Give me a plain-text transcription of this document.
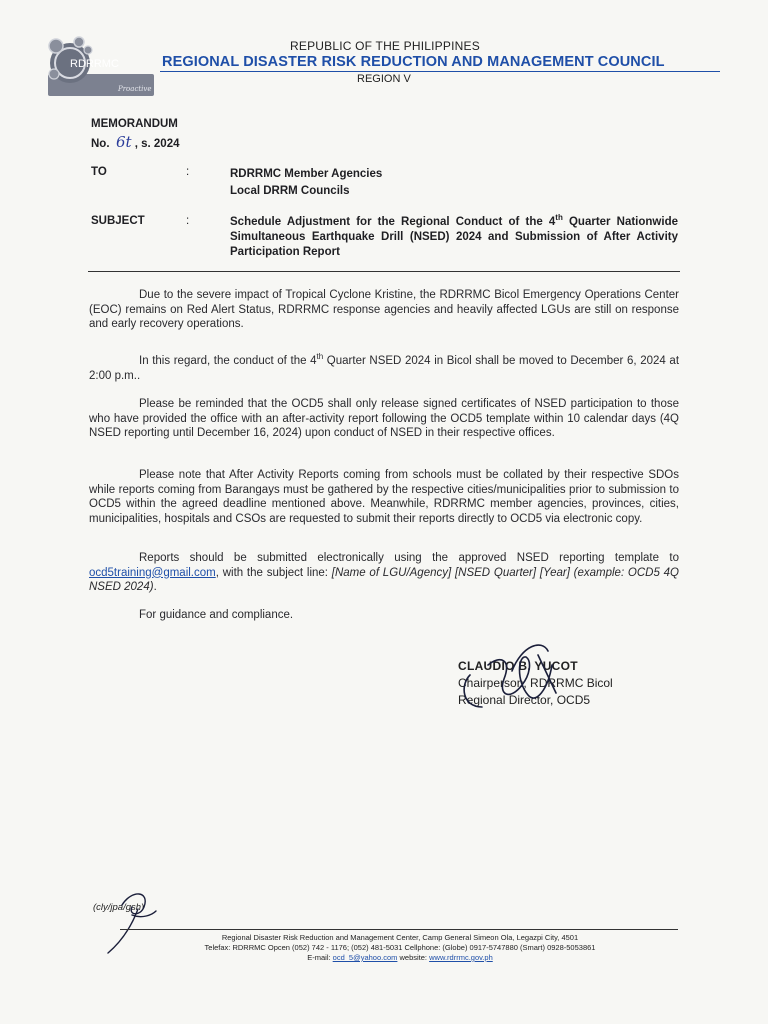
RDRRMC
Proactive
REPUBLIC OF THE PHILIPPINES
REGIONAL DISASTER RISK REDUCTION AND MANAGEMENT COUNCIL
REGION V
MEMORANDUM
No. 6t , s. 2024
TO	:	RDRRMC Member Agencies
Local DRRM Councils
SUBJECT	:	Schedule Adjustment for the Regional Conduct of the 4th Quarter Nationwide Simultaneous Earthquake Drill (NSED) 2024 and Submission of After Activity Participation Report
Due to the severe impact of Tropical Cyclone Kristine, the RDRRMC Bicol Emergency Operations Center (EOC) remains on Red Alert Status, RDRRMC response agencies and heavily affected LGUs are still on response and early recovery operations.
In this regard, the conduct of the 4th Quarter NSED 2024 in Bicol shall be moved to December 6, 2024 at 2:00 p.m..
Please be reminded that the OCD5 shall only release signed certificates of NSED participation to those who have provided the office with an after-activity report following the OCD5 template within 10 calendar days (4Q NSED reporting until December 16, 2024) upon conduct of NSED in their respective offices.
Please note that After Activity Reports coming from schools must be collated by their respective SDOs while reports coming from Barangays must be gathered by the respective cities/municipalities prior to submission to OCD5 within the agreed deadline mentioned above. Meanwhile, RDRRMC member agencies, provinces, cities, municipalities, hospitals and CSOs are requested to submit their reports directly to OCD5 via electronic copy.
Reports should be submitted electronically using the approved NSED reporting template to ocd5training@gmail.com, with the subject line: [Name of LGU/Agency] [NSED Quarter] [Year] (example: OCD5 4Q NSED 2024).
For guidance and compliance.
CLAUDIO B. YUCOT
Chairperson, RDRRMC Bicol
Regional Director, OCD5
(cly/jpa/gsh)
Regional Disaster Risk Reduction and Management Center, Camp General Simeon Ola, Legazpi City, 4501
Telefax: RDRRMC Opcen (052) 742 - 1176; (052) 481-5031 Cellphone: (Globe) 0917-5747880 (Smart) 0928-5053861
E-mail: ocd_5@yahoo.com website: www.rdrrmc.gov.ph
